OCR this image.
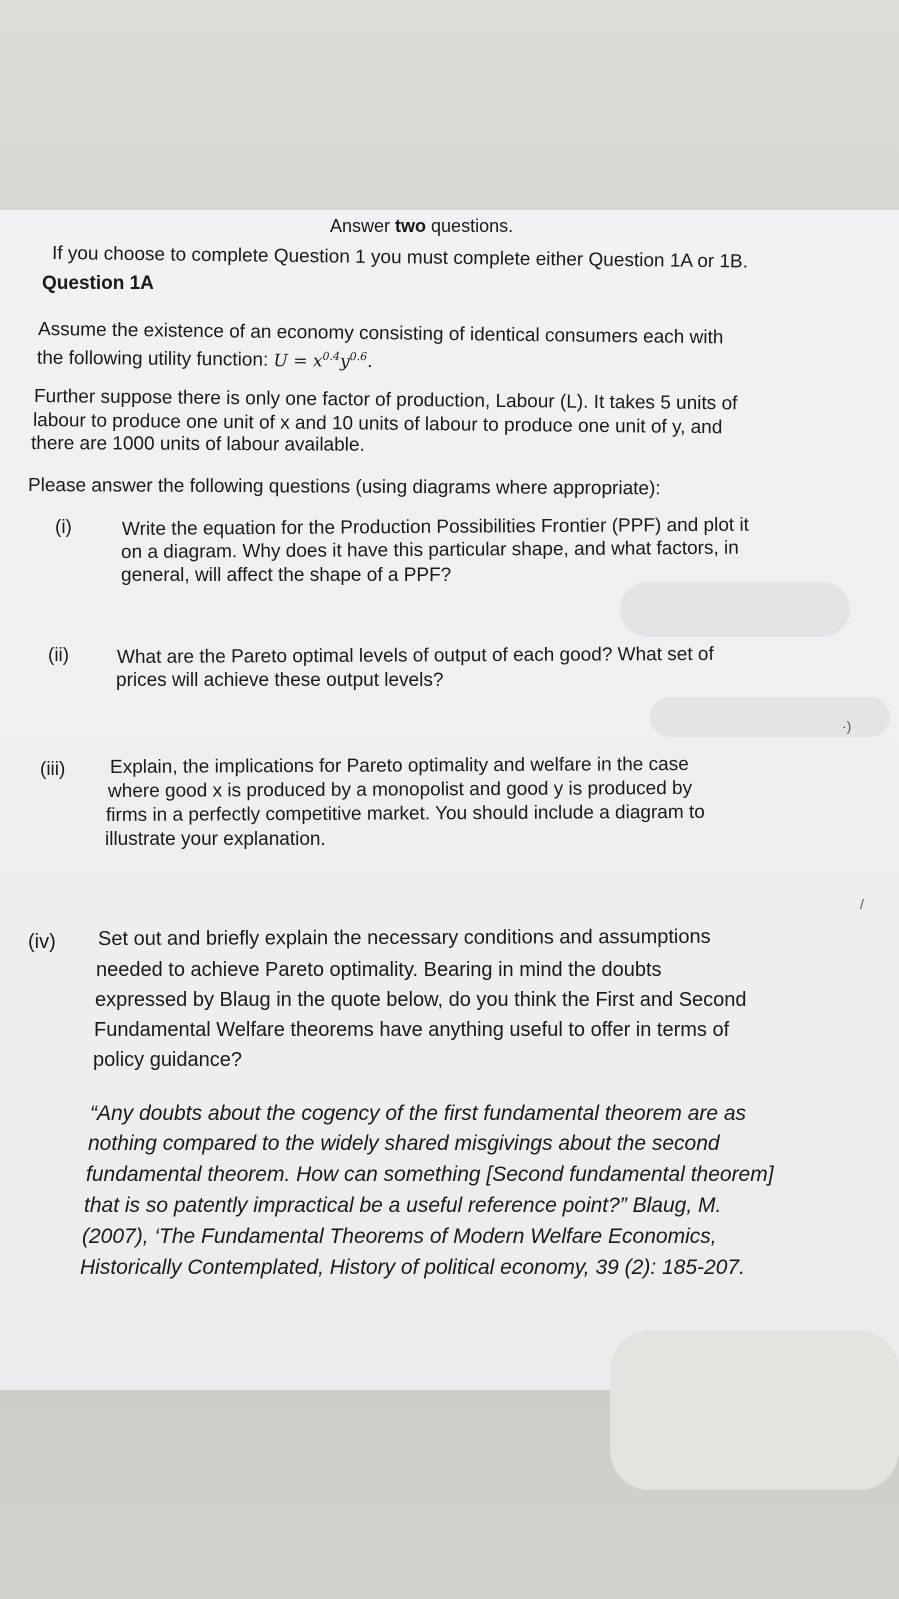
Answer two questions.
If you choose to complete Question 1 you must complete either Question 1A or 1B.
Question 1A
Assume the existence of an economy consisting of identical consumers each with
the following utility function: $U = x^{0.4}y^{0.6}$.
Further suppose there is only one factor of production, Labour (L). It takes 5 units of
labour to produce one unit of x and 10 units of labour to produce one unit of y, and
there are 1000 units of labour available.
Please answer the following questions (using diagrams where appropriate):
(i)	Write the equation for the Production Possibilities Frontier (PPF) and plot it
on a diagram. Why does it have this particular shape, and what factors, in
general, will affect the shape of a PPF?
(ii)	What are the Pareto optimal levels of output of each good? What set of
prices will achieve these output levels?
·)
(iii) Explain, the implications for Pareto optimality and welfare in the case
where good x is produced by a monopolist and good y is produced by
firms in a perfectly competitive market. You should include a diagram to
illustrate your explanation.
/
(iv) Set out and briefly explain the necessary conditions and assumptions
needed to achieve Pareto optimality. Bearing in mind the doubts
expressed by Blaug in the quote below, do you think the First and Second
Fundamental Welfare theorems have anything useful to offer in terms of
policy guidance?
“Any doubts about the cogency of the first fundamental theorem are as
nothing compared to the widely shared misgivings about the second
fundamental theorem. How can something [Second fundamental theorem]
that is so patently impractical be a useful reference point?” Blaug, M.
(2007), ‘The Fundamental Theorems of Modern Welfare Economics,
Historically Contemplated, History of political economy, 39 (2): 185-207.
